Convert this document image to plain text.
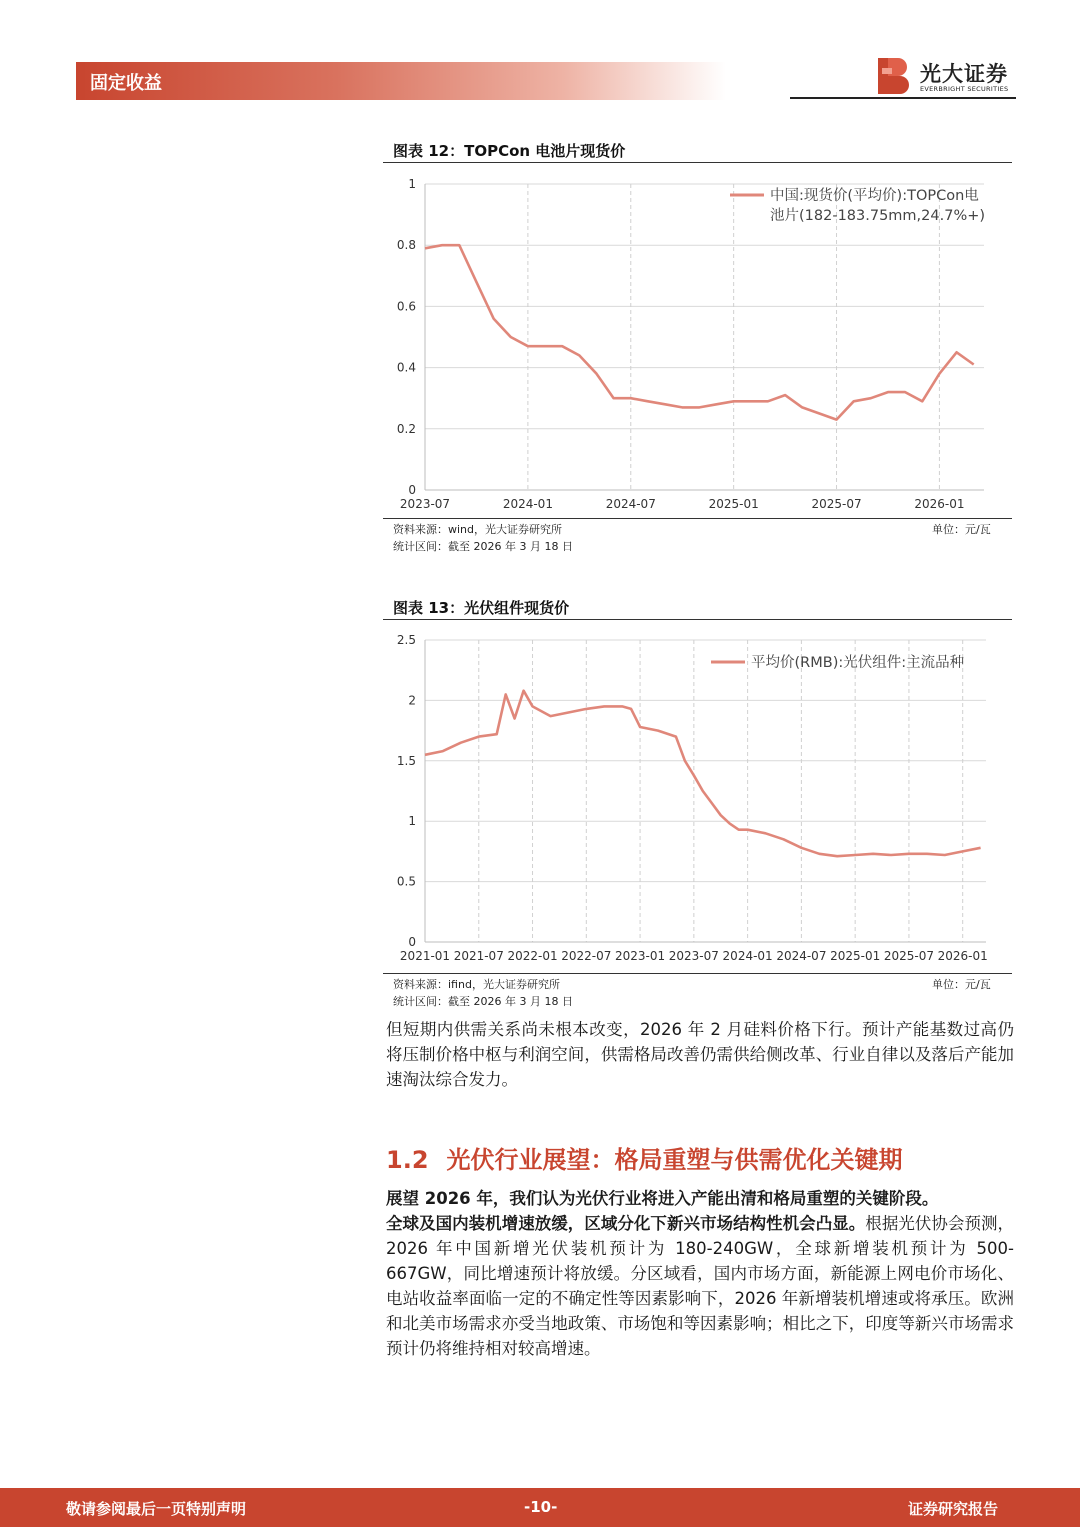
固定收益	光大证券
EVERBRIGHT SECURITIES
图表 12：TOPCon 电池片现货价
0
0.2
0.4
0.6
0.8
1
2023-07	2024-01	2024-07	2025-01	2025-07	2026-01
中国:现货价(平均价):TOPCon电
池片(182-183.75mm,24.7%+)
资料来源：wind，光大证券研究所
统计区间：截至 2026 年 3 月 18 日
单位：元/瓦
图表 13：光伏组件现货价
0
0.5
1
1.5
2
2.5
2021-01 2021-07 2022-01 2022-07 2023-01 2023-07 2024-01 2024-07 2025-01 2025-07 2026-01
平均价(RMB):光伏组件:主流品种
资料来源：ifind，光大证券研究所
统计区间：截至 2026 年 3 月 18 日
单位：元/瓦

但短期内供需关系尚未根本改变，2026 年 2 月硅料价格下行。预计产能基数过高仍将压制价格中枢与利润空间，供需格局改善仍需供给侧改革、行业自律以及落后产能加速淘汰综合发力。

1.2 光伏行业展望：格局重塑与供需优化关键期

展望 2026 年，我们认为光伏行业将进入产能出清和格局重塑的关键阶段。

全球及国内装机增速放缓，区域分化下新兴市场结构性机会凸显。根据光伏协会预测，2026 年中国新增光伏装机预计为 180-240GW，全球新增装机预计为 500-667GW，同比增速预计将放缓。分区域看，国内市场方面，新能源上网电价市场化、电站收益率面临一定的不确定性等因素影响下，2026 年新增装机增速或将承压。欧洲和北美市场需求亦受当地政策、市场饱和等因素影响；相比之下，印度等新兴市场需求预计仍将维持相对较高增速。

敬请参阅最后一页特别声明	-10-	证券研究报告
